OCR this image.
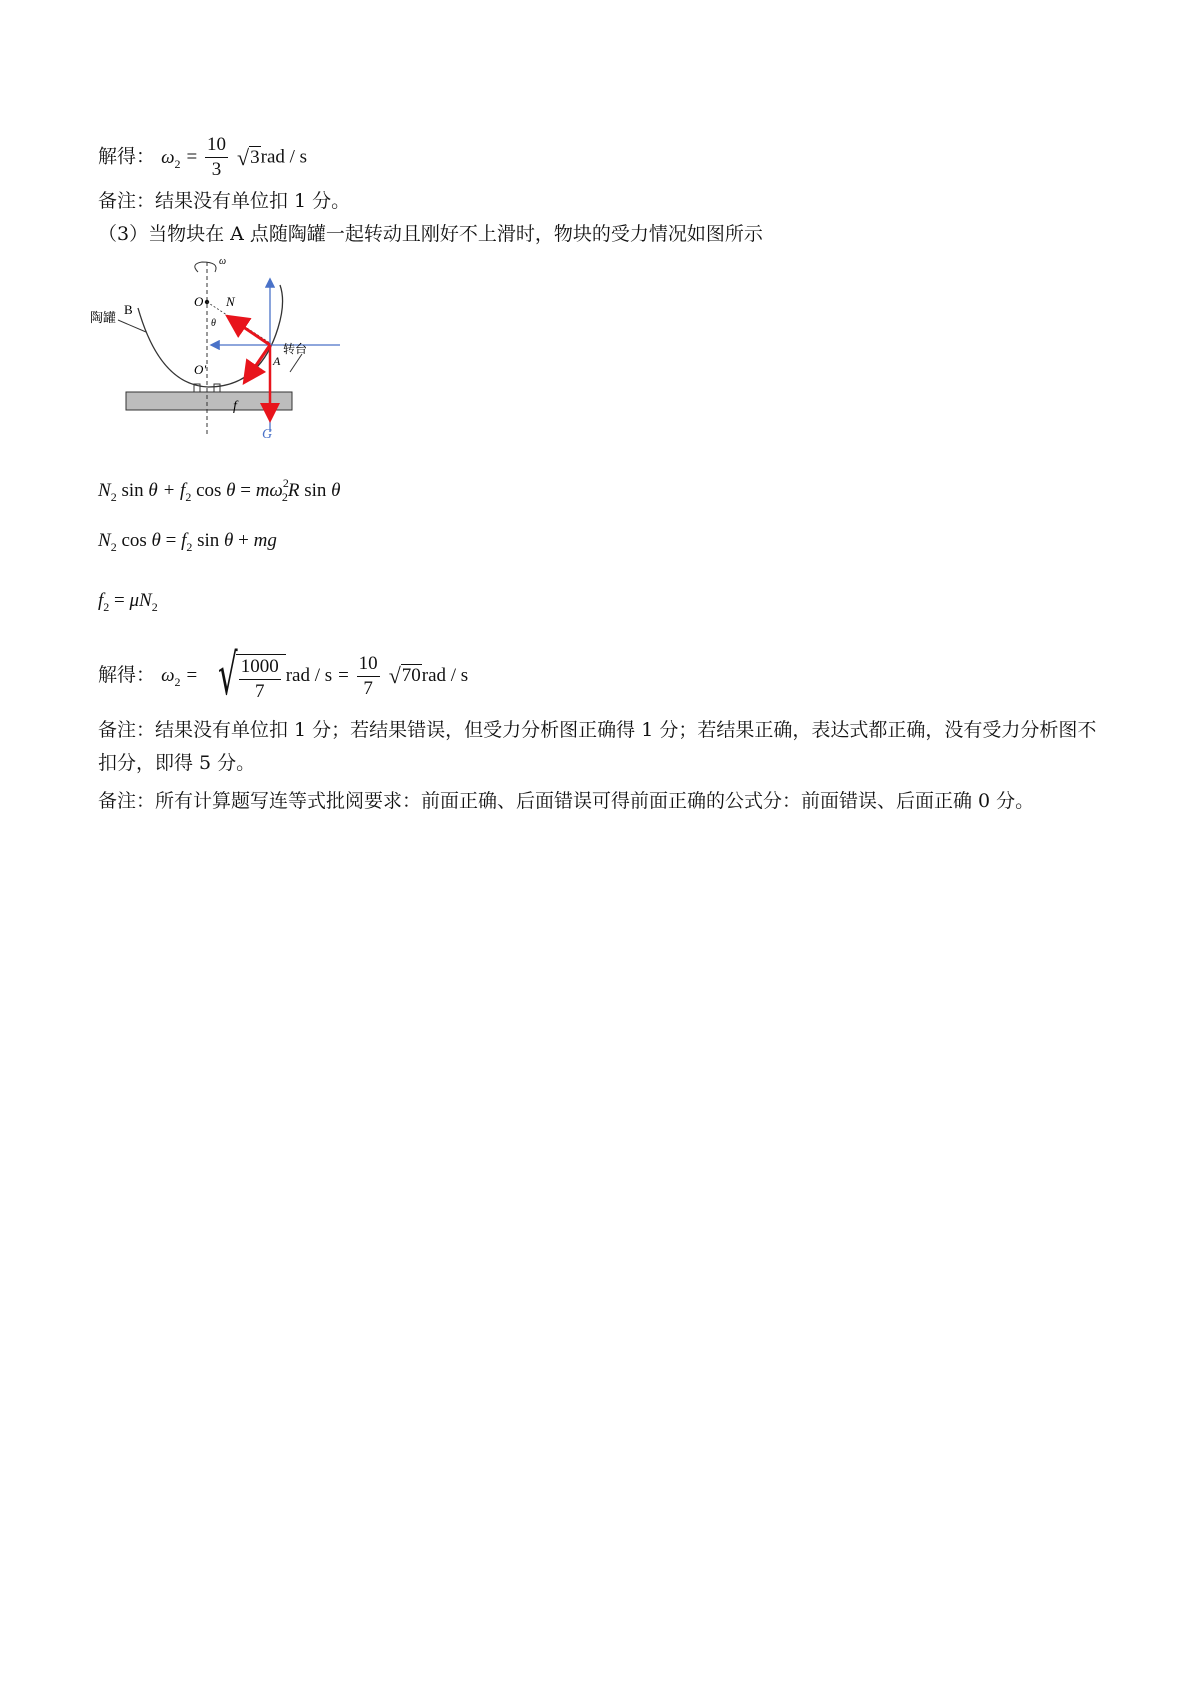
解得： $\omega_2 = \frac{10}{3}$
√ 3 rad / s
备注：结果没有单位扣 1 分。
（3）当物块在 A 点随陶罐一起转动且刚好不上滑时，物块的受力情况如图所示
ω
O
O'
θ
陶罐
B
N
A
转台
f
G
$N_2$ $\sin \theta + f_2$ $\cos \theta = m\omega^2_2R$ sin θ
$N_2$ $\cos \theta = f_2$ sin θ + mg
$f_2 = \mu N_2$
解得： $\omega_2$ = √ $\frac{1000}{7}$ rad / $s = \frac{10}{7}$
√ 70 rad / s
备注：结果没有单位扣 1 分；若结果错误，但受力分析图正确得 1 分；若结果正确，表达式都正确，没有受力分析图不扣分，即得 5 分。
备注：所有计算题写连等式批阅要求：前面正确、后面错误可得前面正确的公式分：前面错误、后面正确 0 分。
